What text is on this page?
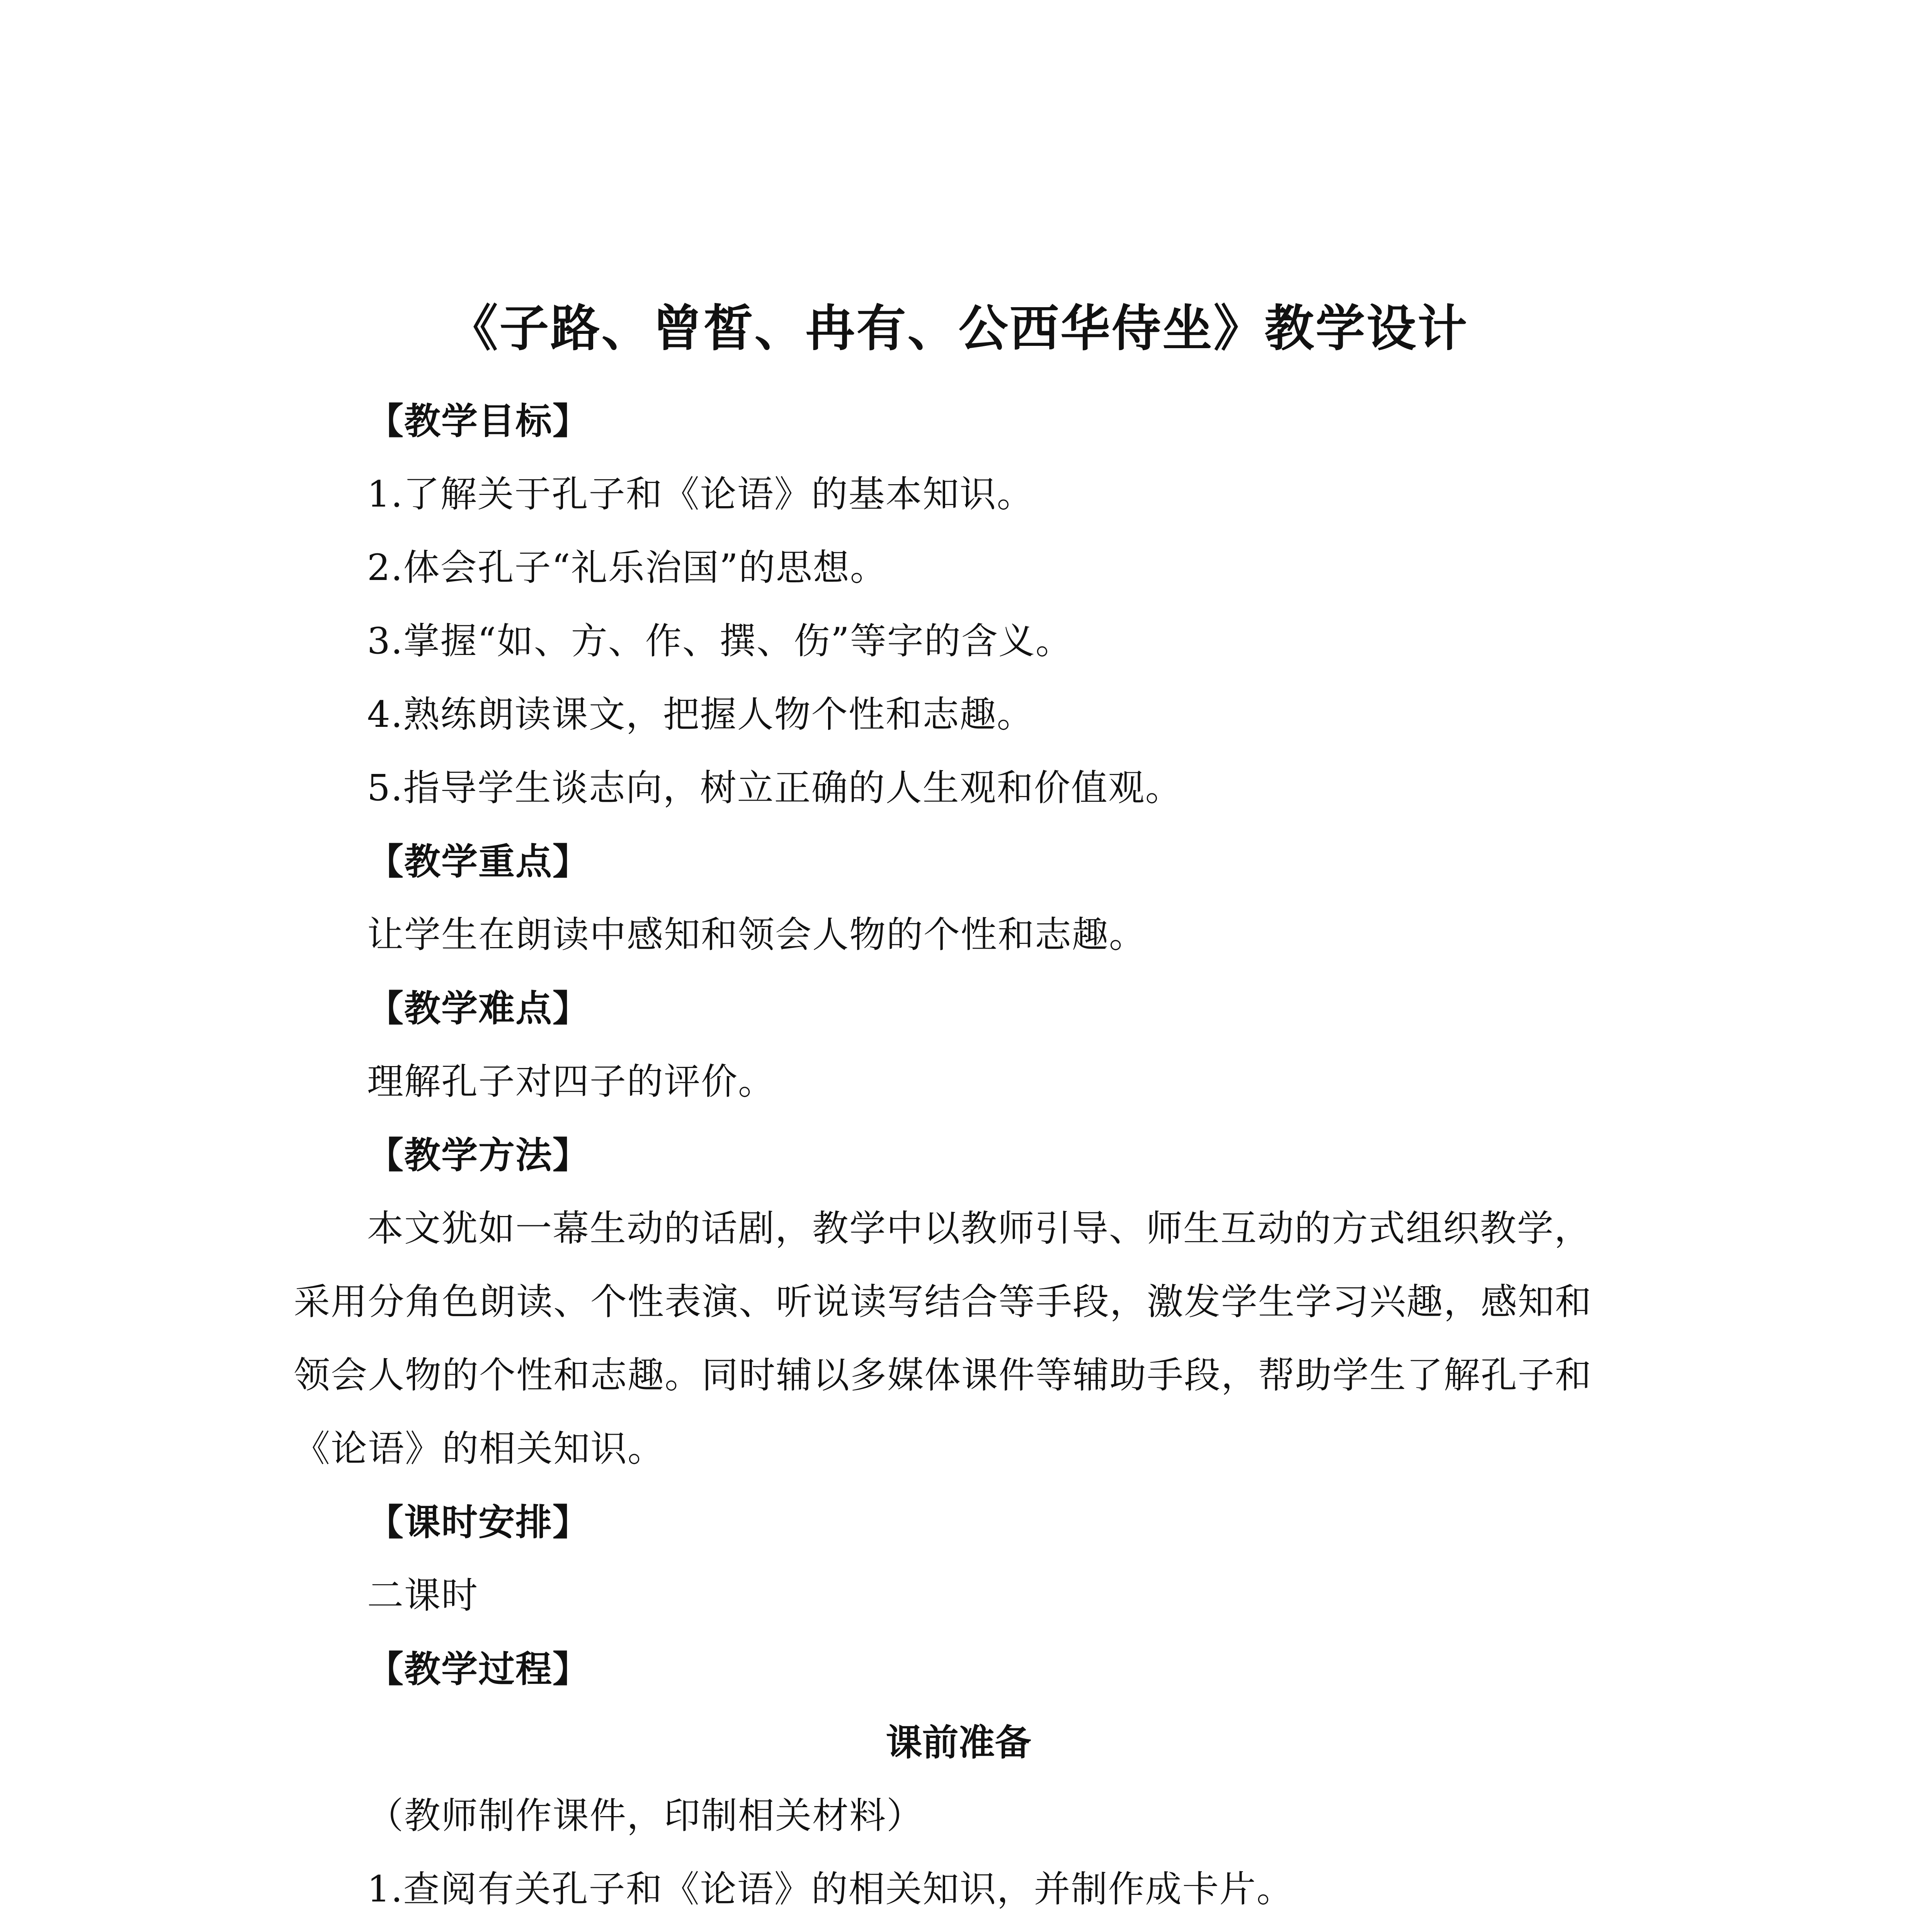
《子路、曾皙、冉有、公西华侍坐》教学设计
【教学目标】
1.了解关于孔子和《论语》的基本知识。
2.体会孔子“礼乐治国”的思想。
3.掌握“如、方、作、撰、伤”等字的含义。
4.熟练朗读课文，把握人物个性和志趣。
5.指导学生谈志向，树立正确的人生观和价值观。
【教学重点】
让学生在朗读中感知和领会人物的个性和志趣。
【教学难点】
理解孔子对四子的评价。
【教学方法】
本文犹如一幕生动的话剧，教学中以教师引导、师生互动的方式组织教学，
采用分角色朗读、个性表演、听说读写结合等手段，激发学生学习兴趣，感知和
领会人物的个性和志趣。同时辅以多媒体课件等辅助手段，帮助学生了解孔子和
《论语》的相关知识。
【课时安排】
二课时
【教学过程】
课前准备
（教师制作课件，印制相关材料）
1.查阅有关孔子和《论语》的相关知识，并制作成卡片。
